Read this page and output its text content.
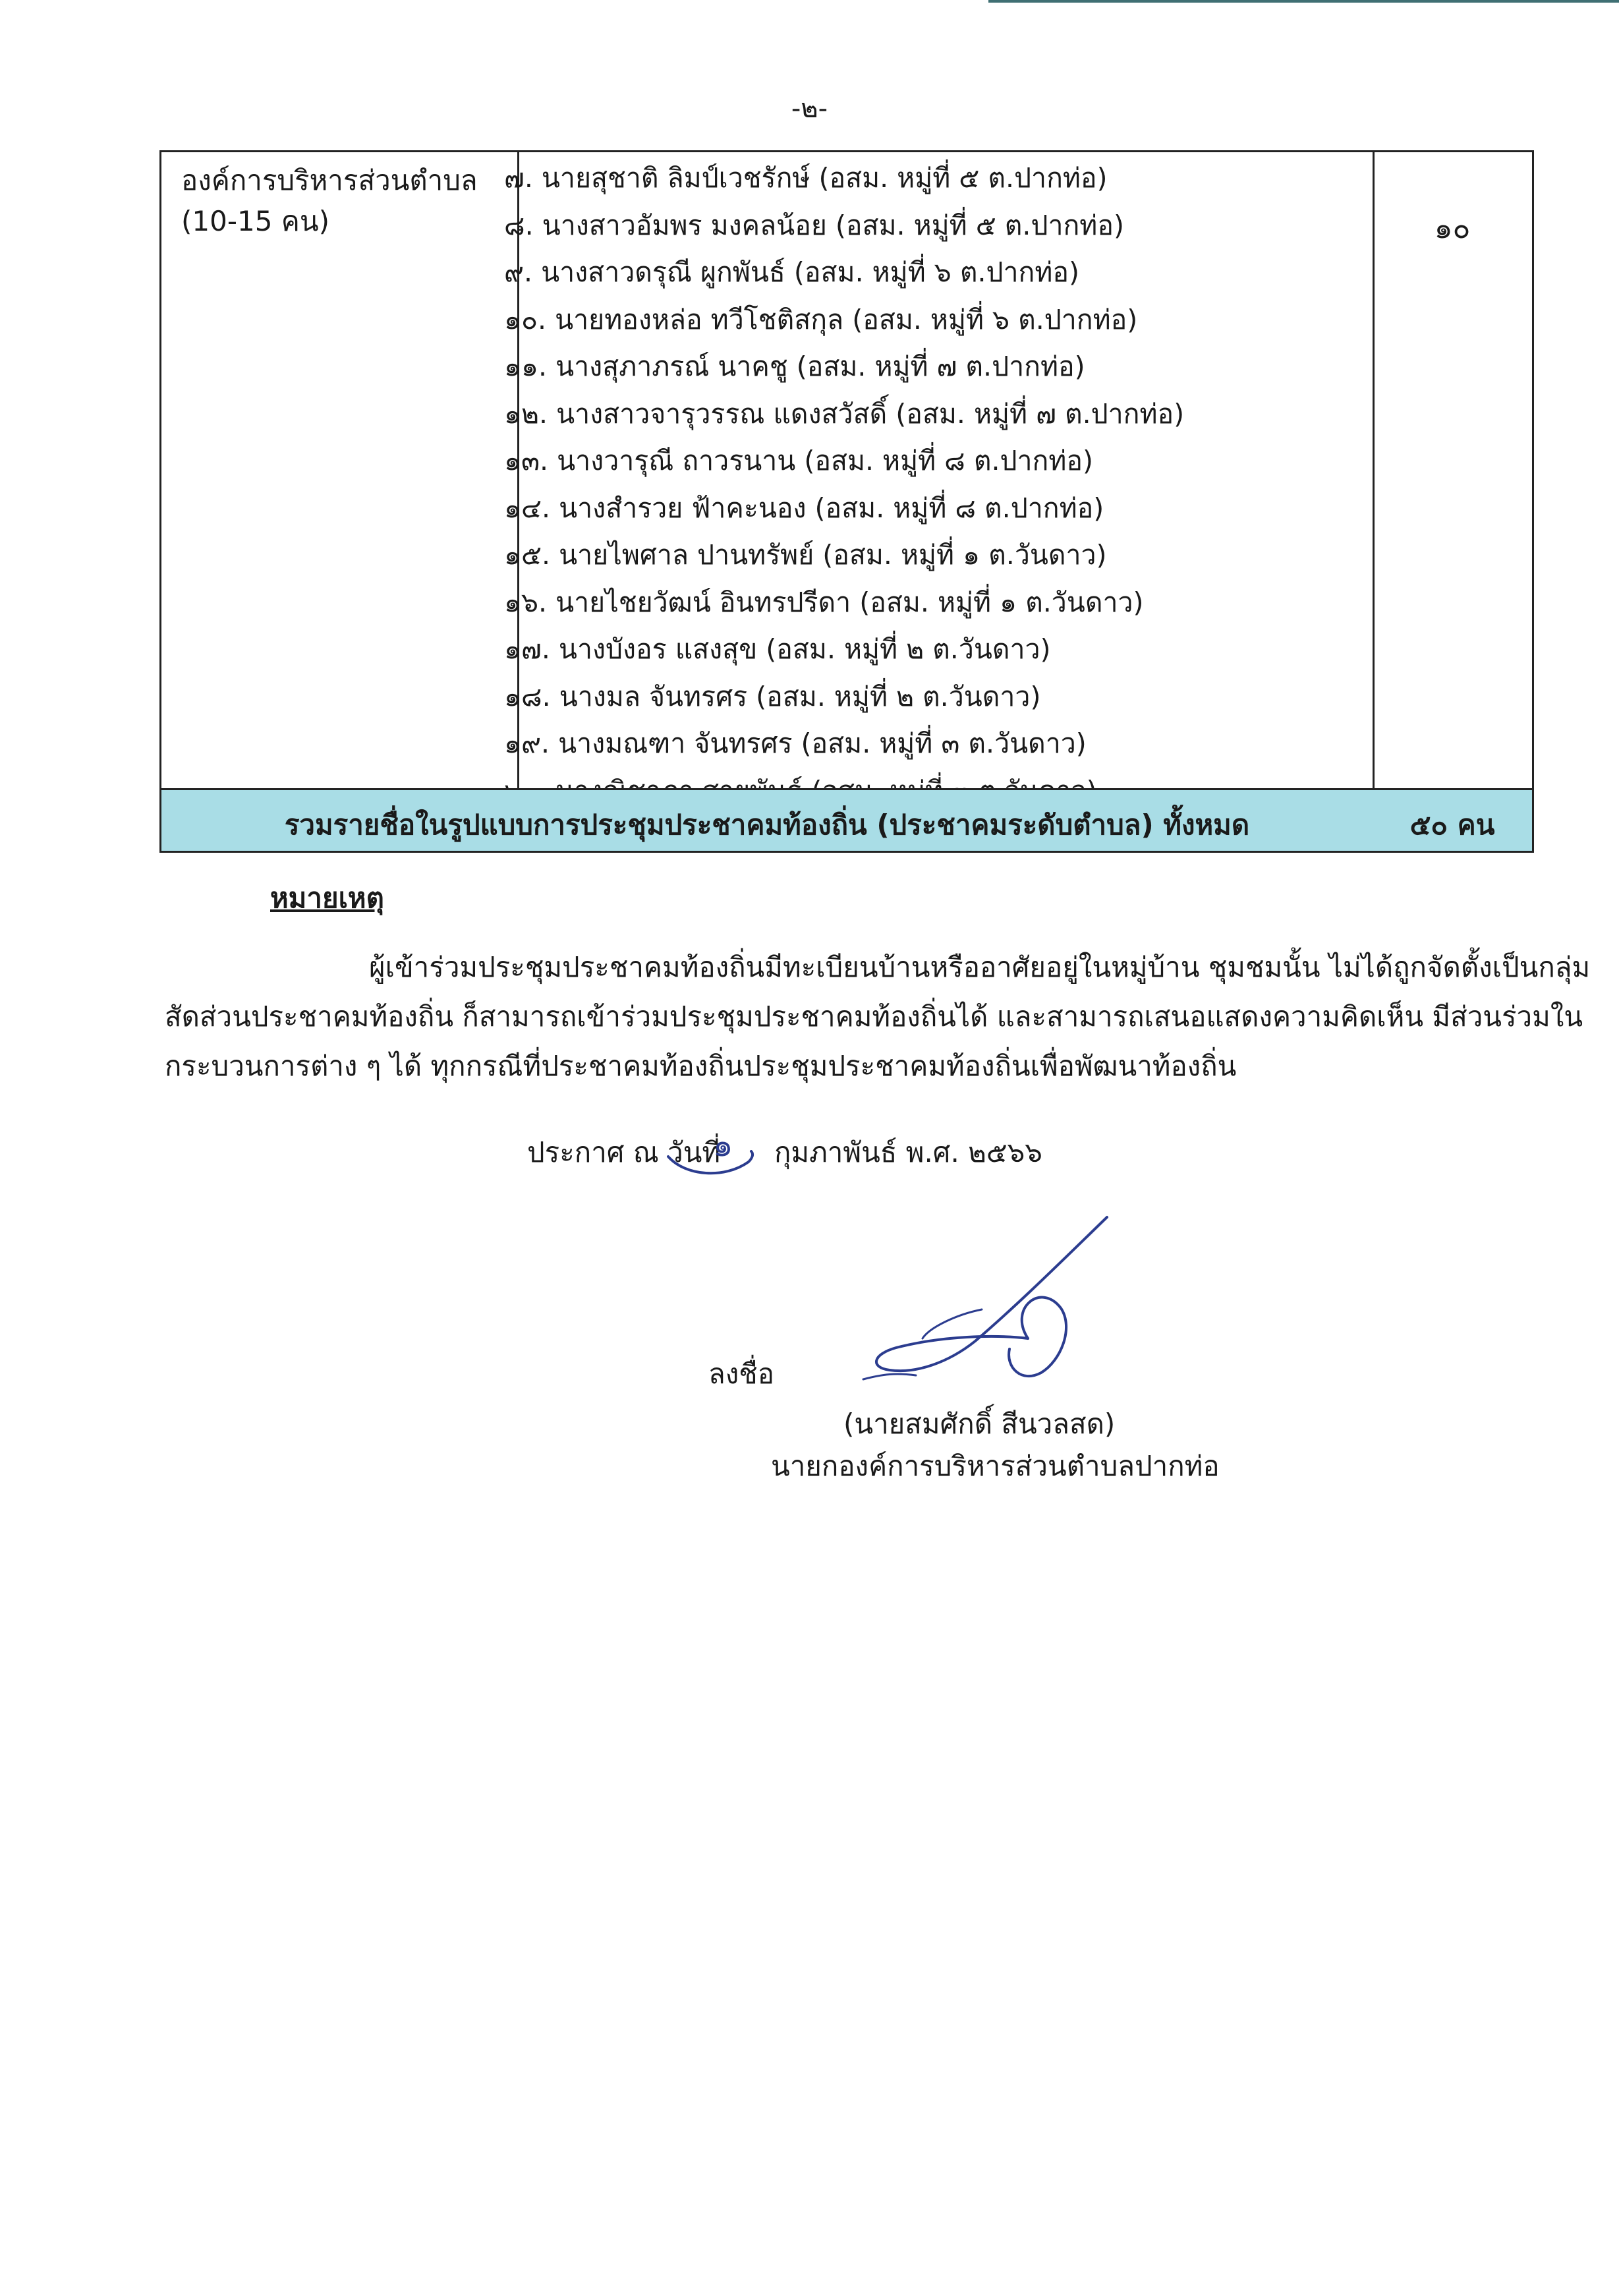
-๒-
องค์การบริหารส่วนตำบล
(10-15 คน)
๗. นายสุชาติ ลิมป์เวชรักษ์ (อสม. หมู่ที่ ๕ ต.ปากท่อ)
๘. นางสาวอัมพร มงคลน้อย (อสม. หมู่ที่ ๕ ต.ปากท่อ)
๙. นางสาวดรุณี ผูกพันธ์ (อสม. หมู่ที่ ๖ ต.ปากท่อ)
๑๐. นายทองหล่อ ทวีโชติสกุล (อสม. หมู่ที่ ๖ ต.ปากท่อ)
๑๑. นางสุภาภรณ์ นาคชู (อสม. หมู่ที่ ๗ ต.ปากท่อ)
๑๒. นางสาวจารุวรรณ แดงสวัสดิ์ (อสม. หมู่ที่ ๗ ต.ปากท่อ)
๑๓. นางวารุณี ถาวรนาน (อสม. หมู่ที่ ๘ ต.ปากท่อ)
๑๔. นางสำรวย ฟ้าคะนอง (อสม. หมู่ที่ ๘ ต.ปากท่อ)
๑๕. นายไพศาล ปานทรัพย์ (อสม. หมู่ที่ ๑ ต.วันดาว)
๑๖. นายไชยวัฒน์ อินทรปรีดา (อสม. หมู่ที่ ๑ ต.วันดาว)
๑๗. นางบังอร แสงสุข (อสม. หมู่ที่ ๒ ต.วันดาว)
๑๘. นางมล จันทรศร (อสม. หมู่ที่ ๒ ต.วันดาว)
๑๙. นางมณฑา จันทรศร (อสม. หมู่ที่ ๓ ต.วันดาว)
๑๐
รวมรายชื่อในรูปแบบการประชุมประชาคมท้องถิ่น (ประชาคมระดับตำบล) ทั้งหมด	๕๐ คน
หมายเหตุ
ผู้เข้าร่วมประชุมประชาคมท้องถิ่นมีทะเบียนบ้านหรืออาศัยอยู่ในหมู่บ้าน ชุมชมนั้น ไม่ได้ถูกจัดตั้งเป็นกลุ่ม
สัดส่วนประชาคมท้องถิ่น ก็สามารถเข้าร่วมประชุมประชาคมท้องถิ่นได้ และสามารถเสนอแสดงความคิดเห็น มีส่วนร่วมใน
กระบวนการต่าง ๆ ได้ ทุกกรณีที่ประชาคมท้องถิ่นประชุมประชาคมท้องถิ่นเพื่อพัฒนาท้องถิ่น
ประกาศ ณ วันที่
๑ กุมภาพันธ์ พ.ศ. ๒๕๖๖
ลงชื่อ
(นายสมศักดิ์ สีนวลสด)
นายกองค์การบริหารส่วนตำบลปากท่อ
